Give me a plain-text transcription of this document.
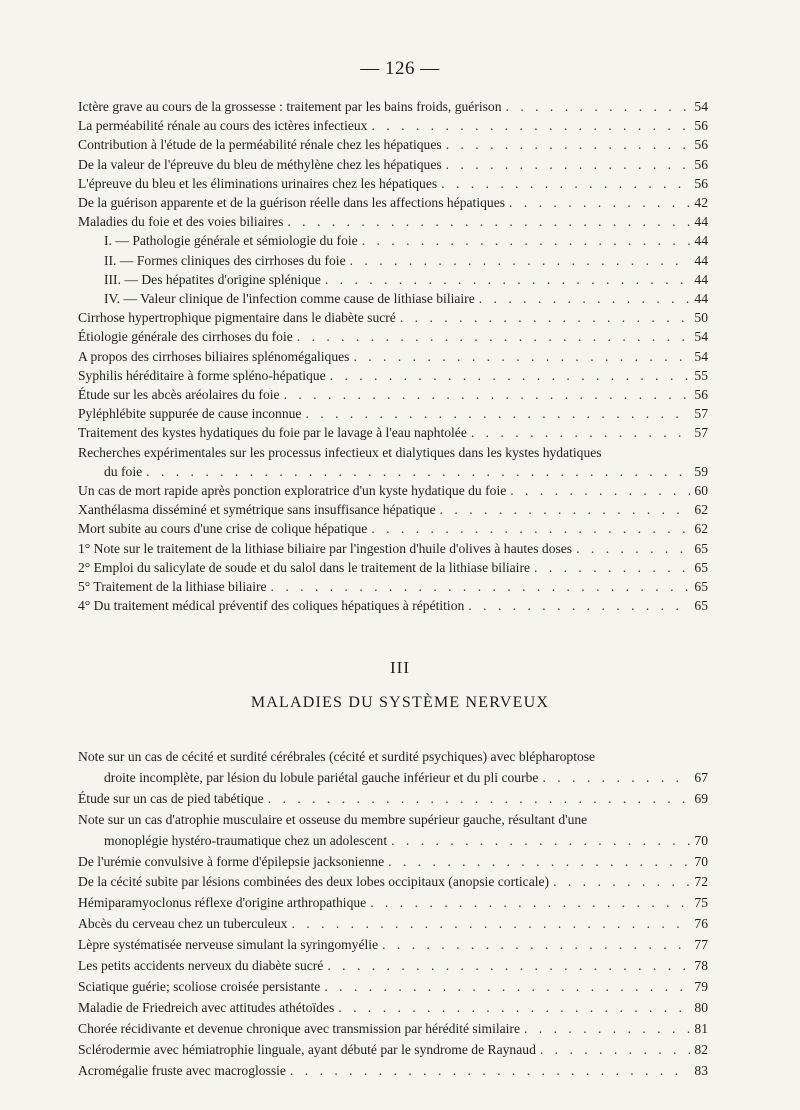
— 126 —
Ictère grave au cours de la grossesse : traitement par les bains froids, guérison . . .	54
La perméabilité rénale au cours des ictères infectieux . . .	56
Contribution à l'étude de la perméabilité rénale chez les hépatiques . . .	56
De la valeur de l'épreuve du bleu de méthylène chez les hépatiques . . .	56
L'épreuve du bleu et les éliminations urinaires chez les hépatiques . . .	56
De la guérison apparente et de la guérison réelle dans les affections hépatiques . . .	42
Maladies du foie et des voies biliaires . . .	44
I. — Pathologie générale et sémiologie du foie . . .	44
II. — Formes cliniques des cirrhoses du foie . . .	44
III. — Des hépatites d'origine splénique . . .	44
IV. — Valeur clinique de l'infection comme cause de lithiase biliaire . . .	44
Cirrhose hypertrophique pigmentaire dans le diabète sucré . . .	50
Étiologie générale des cirrhoses du foie . . .	54
A propos des cirrhoses biliaires splénomégaliques . . .	54
Syphilis héréditaire à forme spléno-hépatique . . .	55
Étude sur les abcès aréolaires du foie . . .	56
Pyléphlébite suppurée de cause inconnue . . .	57
Traitement des kystes hydatiques du foie par le lavage à l'eau naphtolée . . .	57
Recherches expérimentales sur les processus infectieux et dialytiques dans les kystes hydatiques
du foie . . .	59
Un cas de mort rapide après ponction exploratrice d'un kyste hydatique du foie . . .	60
Xanthélasma disséminé et symétrique sans insuffisance hépatique . . .	62
Mort subite au cours d'une crise de colique hépatique . . .	62
1° Note sur le traitement de la lithiase biliaire par l'ingestion d'huile d'olives à hautes doses . . .	65
2° Emploi du salicylate de soude et du salol dans le traitement de la lithiase biliaire . . .	65
5° Traitement de la lithiase biliaire . . .	65
4° Du traitement médical préventif des coliques hépatiques à répétition . . .	65
III
MALADIES DU SYSTÈME NERVEUX
Note sur un cas de cécité et surdité cérébrales (cécité et surdité psychiques) avec blépharoptose
droite incomplète, par lésion du lobule pariétal gauche inférieur et du pli courbe . . .	67
Étude sur un cas de pied tabétique . . .	69
Note sur un cas d'atrophie musculaire et osseuse du membre supérieur gauche, résultant d'une
monoplégie hystéro-traumatique chez un adolescent . . .	70
De l'urémie convulsive à forme d'épilepsie jacksonienne . . .	70
De la cécité subite par lésions combinées des deux lobes occipitaux (anopsie corticale) . . .	72
Hémiparamyoclonus réflexe d'origine arthropathique . . .	75
Abcès du cerveau chez un tuberculeux . . .	76
Lèpre systématisée nerveuse simulant la syringomyélie . . .	77
Les petits accidents nerveux du diabète sucré . . .	78
Sciatique guérie; scoliose croisée persistante . . .	79
Maladie de Friedreich avec attitudes athétoïdes . . .	80
Chorée récidivante et devenue chronique avec transmission par hérédité similaire . . .	81
Sclérodermie avec hémiatrophie linguale, ayant débuté par le syndrome de Raynaud . . .	82
Acromégalie fruste avec macroglossie . . .	83
